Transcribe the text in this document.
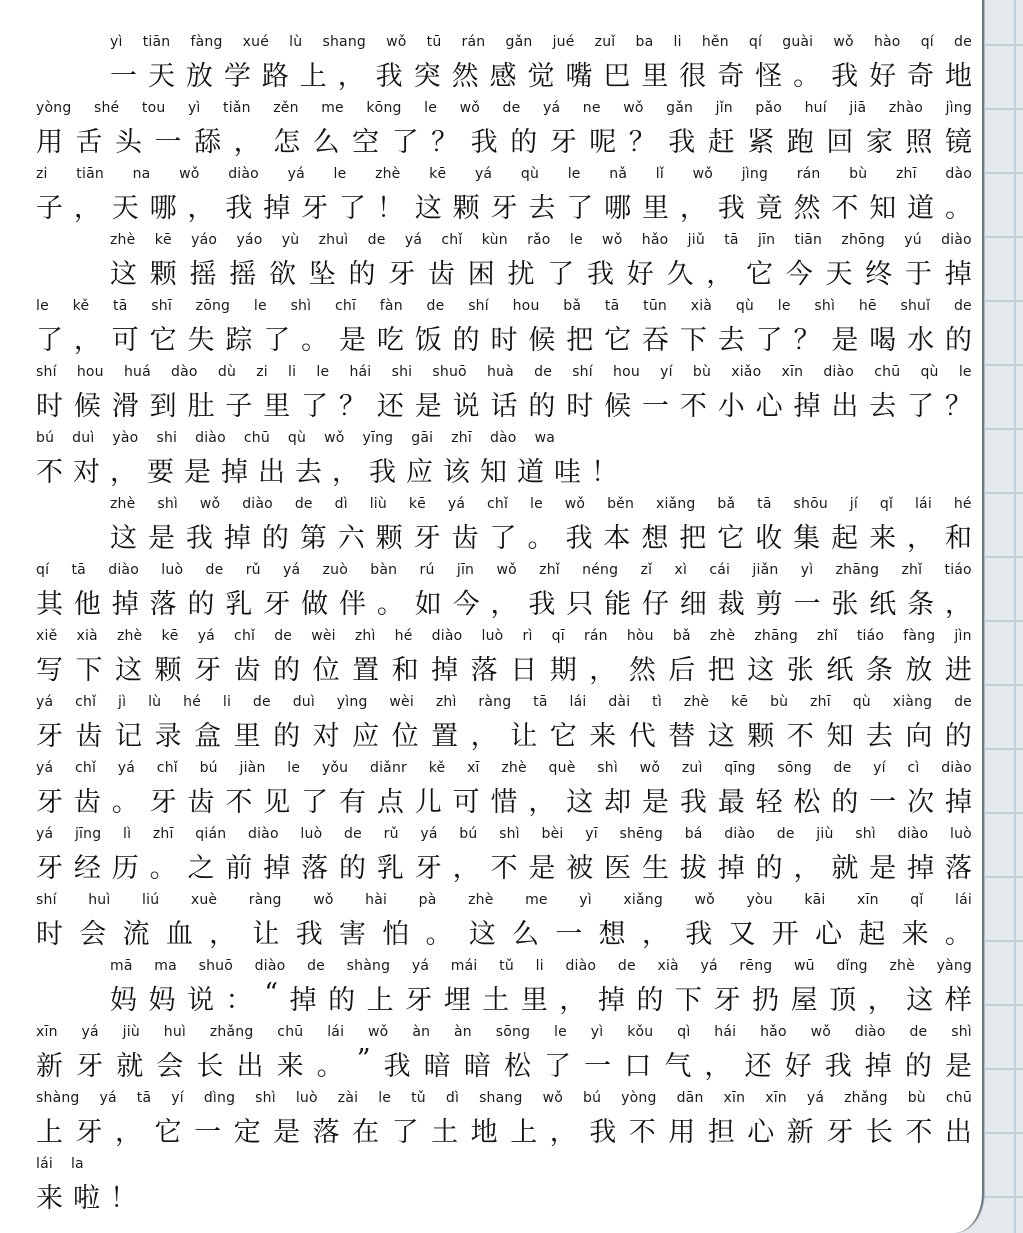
yì tiān fàng xué lù shang wǒ tū rán gǎn jué zuǐ ba li hěn qí guài wǒ hào qí de
一 天 放 学 路 上 ， 我 突 然 感 觉 嘴 巴 里 很 奇 怪 。 我 好 奇 地
yòng shé tou yì tiǎn zěn me kōng le wǒ de yá ne wǒ gǎn jǐn pǎo huí jiā zhào jìng
用 舌 头 一 舔 ， 怎 么 空 了 ？ 我 的 牙 呢 ？ 我 赶 紧 跑 回 家 照 镜
zi tiān na wǒ diào yá le zhè kē yá qù le nǎ lǐ wǒ jìng rán bù zhī dào
子 ， 天 哪 ， 我 掉 牙 了 ！ 这 颗 牙 去 了 哪 里 ， 我 竟 然 不 知 道 。
zhè kē yáo yáo yù zhuì de yá chǐ kùn rǎo le wǒ hǎo jiǔ tā jīn tiān zhōng yú diào
这 颗 摇 摇 欲 坠 的 牙 齿 困 扰 了 我 好 久 ， 它 今 天 终 于 掉
le kě tā shī zōng le shì chī fàn de shí hou bǎ tā tūn xià qù le shì hē shuǐ de
了 ， 可 它 失 踪 了 。 是 吃 饭 的 时 候 把 它 吞 下 去 了 ？ 是 喝 水 的
shí hou huá dào dù zi li le hái shi shuō huà de shí hou yí bù xiǎo xīn diào chū qù le
时 候 滑 到 肚 子 里 了 ？ 还 是 说 话 的 时 候 一 不 小 心 掉 出 去 了 ？
bú duì yào shi diào chū qù wǒ yīng gāi zhī dào wa
不 对 ， 要 是 掉 出 去 ， 我 应 该 知 道 哇 ！
zhè shì wǒ diào de dì liù kē yá chǐ le wǒ běn xiǎng bǎ tā shōu jí qǐ lái hé
这 是 我 掉 的 第 六 颗 牙 齿 了 。 我 本 想 把 它 收 集 起 来 ， 和
qí tā diào luò de rǔ yá zuò bàn rú jīn wǒ zhǐ néng zǐ xì cái jiǎn yì zhāng zhǐ tiáo
其 他 掉 落 的 乳 牙 做 伴 。 如 今 ， 我 只 能 仔 细 裁 剪 一 张 纸 条 ，
xiě xià zhè kē yá chǐ de wèi zhì hé diào luò rì qī rán hòu bǎ zhè zhāng zhǐ tiáo fàng jìn
写 下 这 颗 牙 齿 的 位 置 和 掉 落 日 期 ， 然 后 把 这 张 纸 条 放 进
yá chǐ jì lù hé li de duì yìng wèi zhì ràng tā lái dài tì zhè kē bù zhī qù xiàng de
牙 齿 记 录 盒 里 的 对 应 位 置 ， 让 它 来 代 替 这 颗 不 知 去 向 的
yá chǐ yá chǐ bú jiàn le yǒu diǎnr kě xī zhè què shì wǒ zuì qīng sōng de yí cì diào
牙 齿 。 牙 齿 不 见 了 有 点 儿 可 惜 ， 这 却 是 我 最 轻 松 的 一 次 掉
yá jīng lì zhī qián diào luò de rǔ yá bú shì bèi yī shēng bá diào de jiù shì diào luò
牙 经 历 。 之 前 掉 落 的 乳 牙 ， 不 是 被 医 生 拔 掉 的 ， 就 是 掉 落
shí huì liú xuè ràng wǒ hài pà zhè me yì xiǎng wǒ yòu kāi xīn qǐ lái
时 会 流 血 ， 让 我 害 怕 。 这 么 一 想 ， 我 又 开 心 起 来 。
mā ma shuō diào de shàng yá mái tǔ li diào de xià yá rēng wū dǐng zhè yàng
妈 妈 说 ： “ 掉 的 上 牙 埋 土 里 ， 掉 的 下 牙 扔 屋 顶 ， 这 样
xīn yá jiù huì zhǎng chū lái wǒ àn àn sōng le yì kǒu qì hái hǎo wǒ diào de shì
新 牙 就 会 长 出 来 。 ” 我 暗 暗 松 了 一 口 气 ， 还 好 我 掉 的 是
shàng yá tā yí dìng shì luò zài le tǔ dì shang wǒ bú yòng dān xīn xīn yá zhǎng bù chū
上 牙 ， 它 一 定 是 落 在 了 土 地 上 ， 我 不 用 担 心 新 牙 长 不 出
lái la
来 啦 ！
